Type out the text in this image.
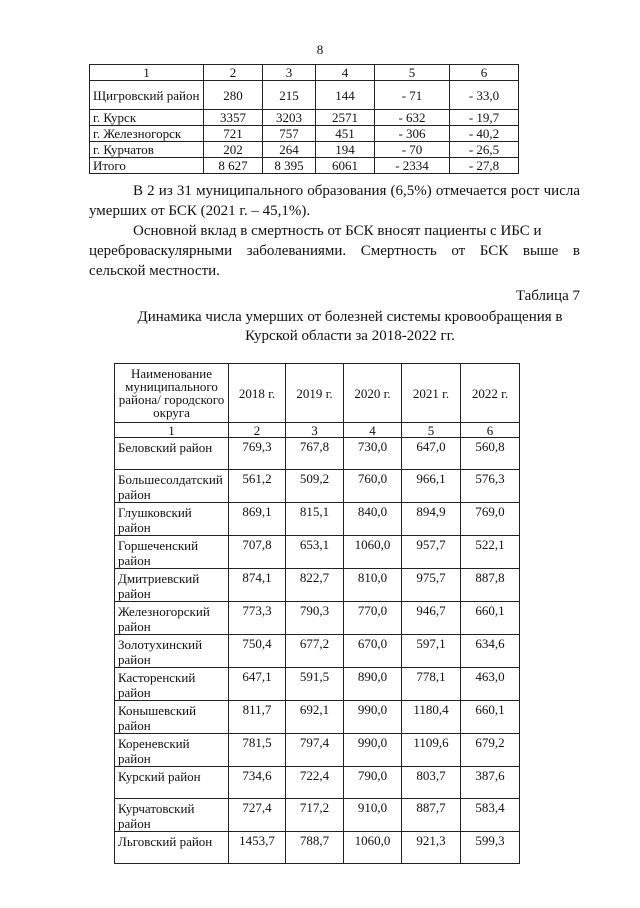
8
1	2	3	4	5	6
Щигровский район	280	215	144	- 71	- 33,0
г. Курск	3357	3203	2571	- 632	- 19,7
г. Железногорск	721	757	451	- 306	- 40,2
г. Курчатов	202	264	194	- 70	- 26,5
Итого	8 627	8 395	6061	- 2334	- 27,8
В 2 из 31 муниципального образования (6,5%) отмечается рост числа умерших от БСК (2021 г. – 45,1%).
Основной вклад в смертность от БСК вносят пациенты с ИБС и
цереброваскулярными заболеваниями. Смертность от БСК выше в
сельской местности.
Таблица 7
Динамика числа умерших от болезней системы кровообращения в Курской области за 2018-2022 гг.
Наименование муниципального района/ городского округа	2018 г.	2019 г.	2020 г.	2021 г.	2022 г.
1	2	3	4	5	6
Беловский район	769,3	767,8	730,0	647,0	560,8
Большесолдатский район	561,2	509,2	760,0	966,1	576,3
Глушковский район	869,1	815,1	840,0	894,9	769,0
Горшеченский район	707,8	653,1	1060,0	957,7	522,1
Дмитриевский район	874,1	822,7	810,0	975,7	887,8
Железногорский район	773,3	790,3	770,0	946,7	660,1
Золотухинский район	750,4	677,2	670,0	597,1	634,6
Касторенский район	647,1	591,5	890,0	778,1	463,0
Конышевский район	811,7	692,1	990,0	1180,4	660,1
Кореневский район	781,5	797,4	990,0	1109,6	679,2
Курский район	734,6	722,4	790,0	803,7	387,6
Курчатовский район	727,4	717,2	910,0	887,7	583,4
Льговский район	1453,7	788,7	1060,0	921,3	599,3
